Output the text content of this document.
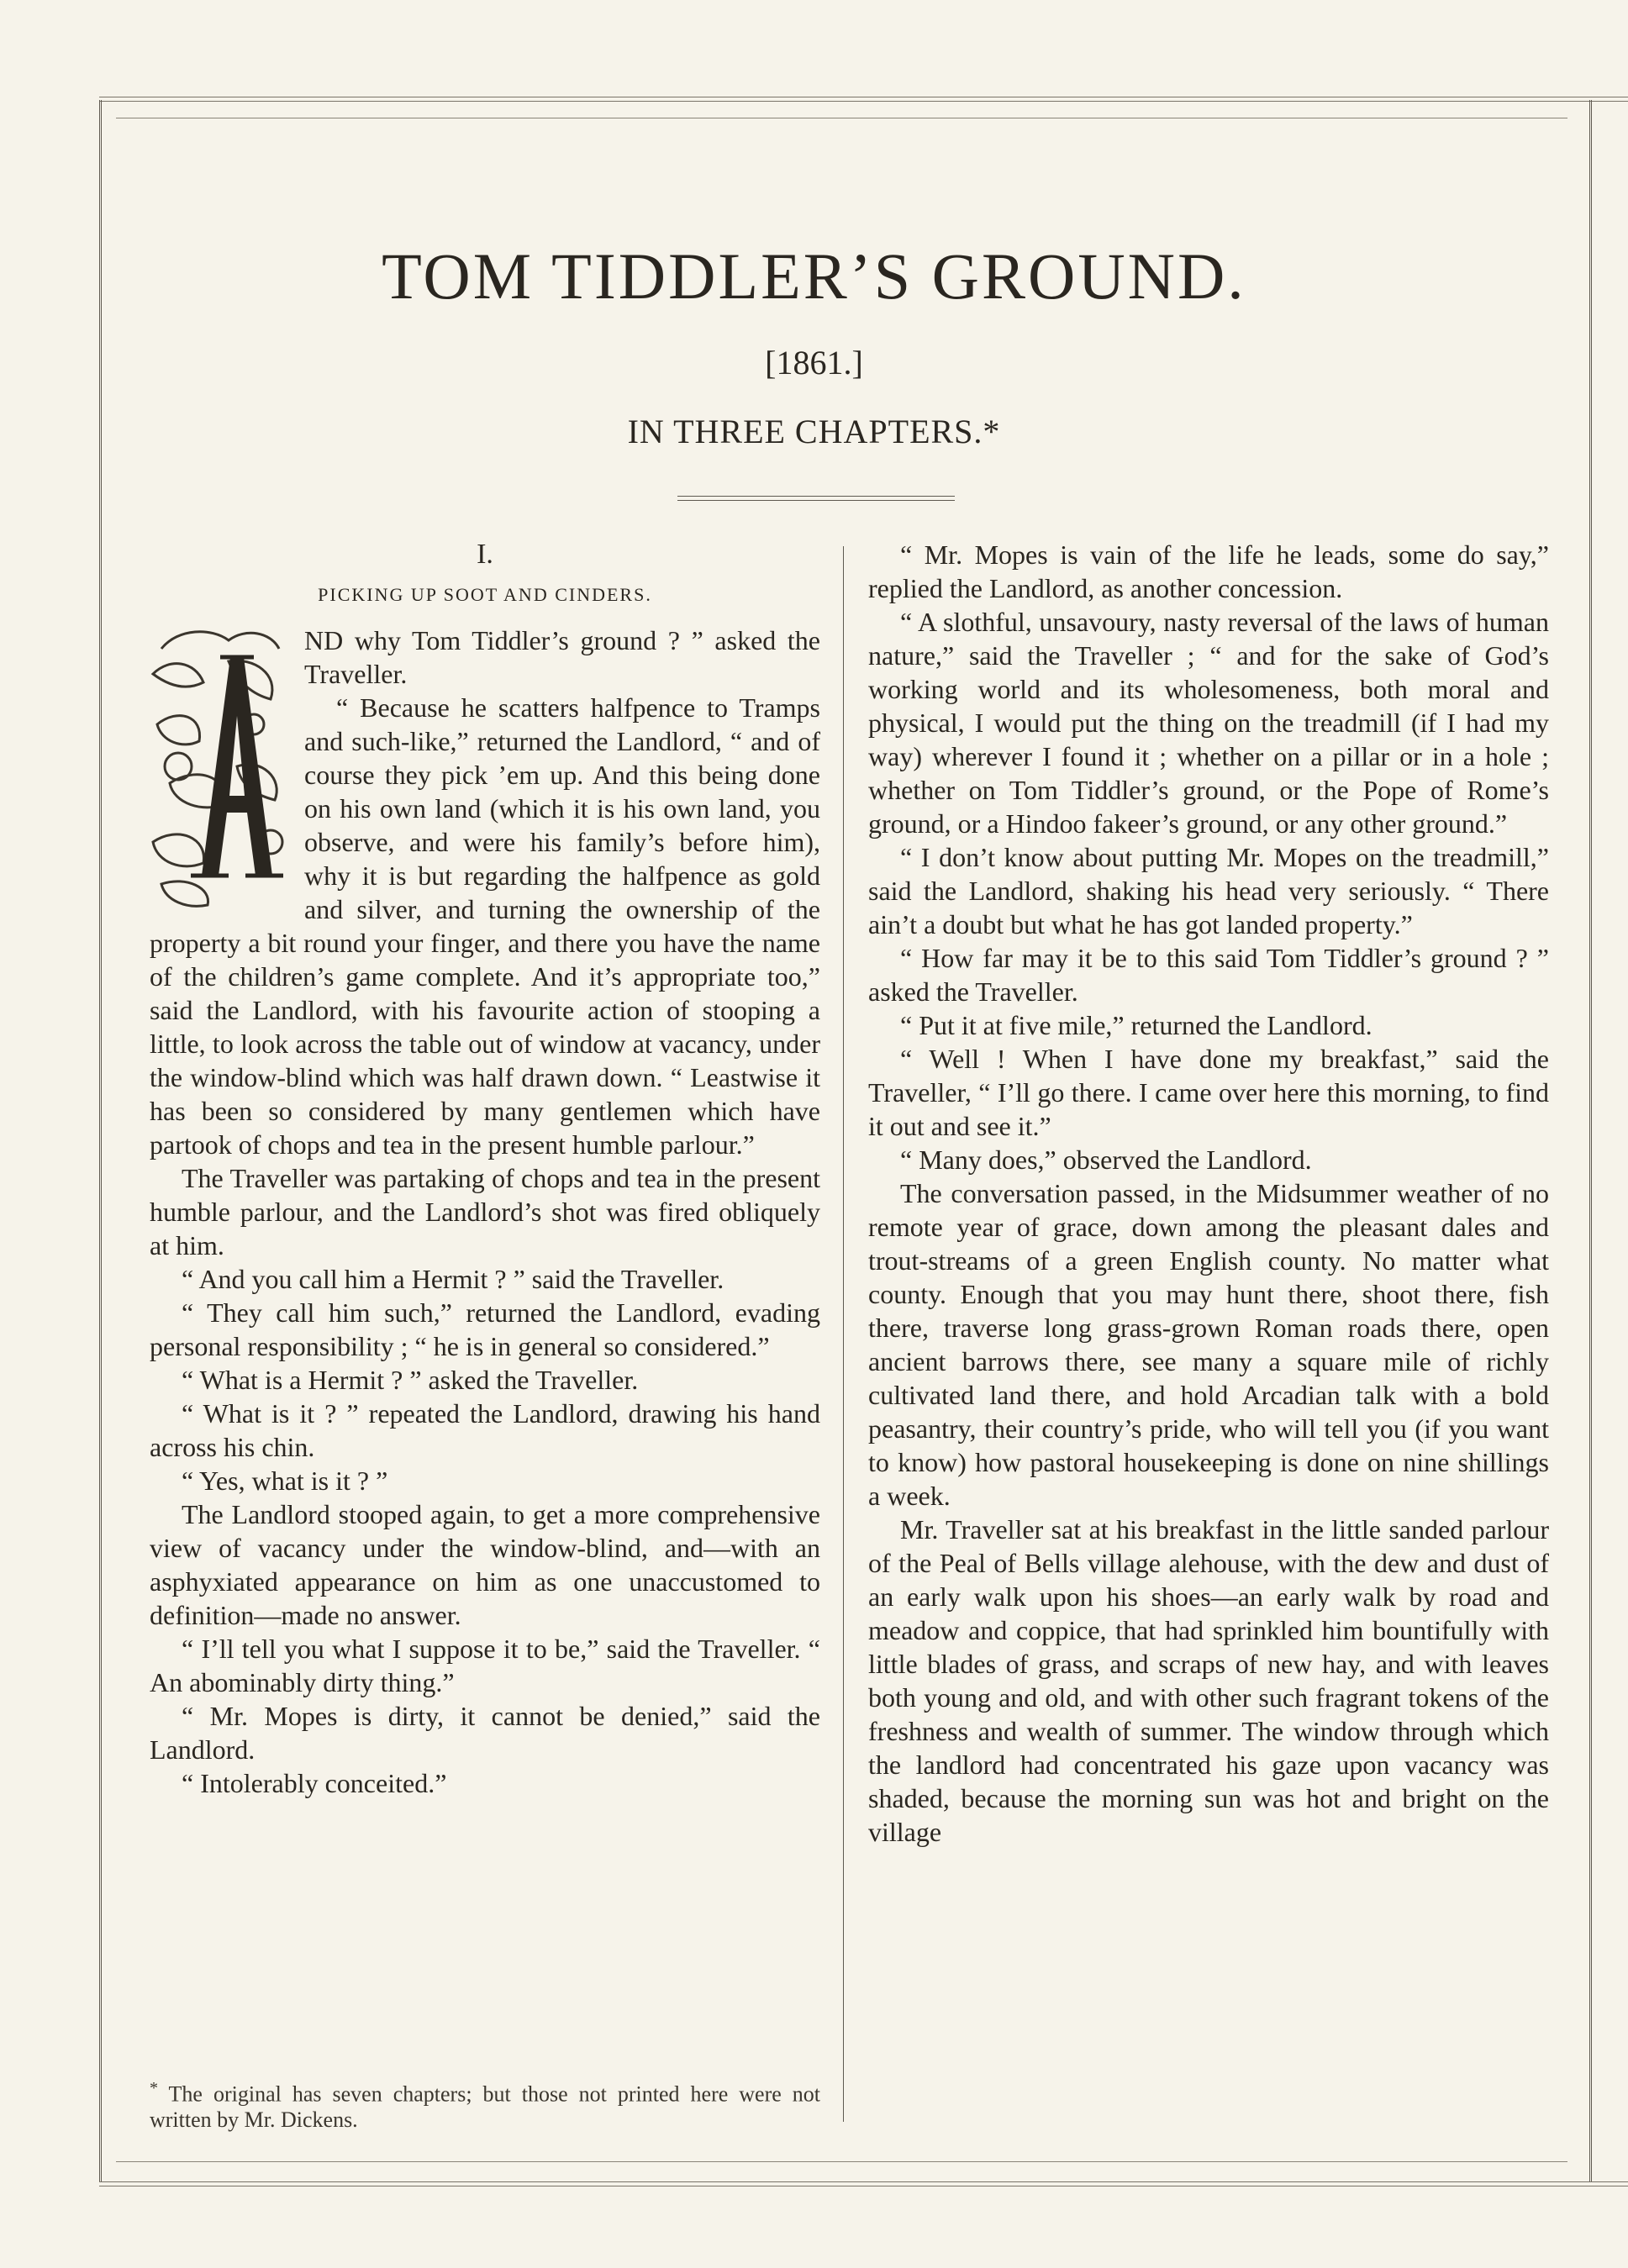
TOM TIDDLER’S GROUND.
[1861.]
IN THREE CHAPTERS.*
I.
PICKING UP SOOT AND CINDERS.

ND why Tom Tiddler’s ground ? ” asked the Traveller.

“ Because he scatters halfpence to Tramps and such-like,” returned the Landlord, “ and of course they pick ’em up. And this being done on his own land (which it is his own land, you observe, and were his family’s before him), why it is but regarding the halfpence as gold and silver, and turning the ownership of the property a bit round your finger, and there you have the name of the children’s game complete. And it’s appropriate too,” said the Landlord, with his favourite action of stooping a little, to look across the table out of window at vacancy, under the window-blind which was half drawn down. “ Leastwise it has been so considered by many gentlemen which have partook of chops and tea in the present humble parlour.”

The Traveller was partaking of chops and tea in the present humble parlour, and the Landlord’s shot was fired obliquely at him.

“ And you call him a Hermit ? ” said the Traveller.

“ They call him such,” returned the Landlord, evading personal responsibility ; “ he is in general so considered.”

“ What is a Hermit ? ” asked the Traveller.

“ What is it ? ” repeated the Landlord, drawing his hand across his chin.

“ Yes, what is it ? ”

The Landlord stooped again, to get a more comprehensive view of vacancy under the window-blind, and—with an asphyxiated appearance on him as one unaccustomed to definition—made no answer.

“ I’ll tell you what I suppose it to be,” said the Traveller. “ An abominably dirty thing.”

“ Mr. Mopes is dirty, it cannot be denied,” said the Landlord.

“ Intolerably conceited.”

* The original has seven chapters; but those not printed here were not written by Mr. Dickens.

“ Mr. Mopes is vain of the life he leads, some do say,” replied the Landlord, as another concession.

“ A slothful, unsavoury, nasty reversal of the laws of human nature,” said the Traveller ; “ and for the sake of God’s working world and its wholesomeness, both moral and physical, I would put the thing on the treadmill (if I had my way) wherever I found it ; whether on a pillar or in a hole ; whether on Tom Tiddler’s ground, or the Pope of Rome’s ground, or a Hindoo fakeer’s ground, or any other ground.”

“ I don’t know about putting Mr. Mopes on the treadmill,” said the Landlord, shaking his head very seriously. “ There ain’t a doubt but what he has got landed property.”

“ How far may it be to this said Tom Tiddler’s ground ? ” asked the Traveller.

“ Put it at five mile,” returned the Landlord.

“ Well ! When I have done my breakfast,” said the Traveller, “ I’ll go there. I came over here this morning, to find it out and see it.”

“ Many does,” observed the Landlord.

The conversation passed, in the Midsummer weather of no remote year of grace, down among the pleasant dales and trout-streams of a green English county. No matter what county. Enough that you may hunt there, shoot there, fish there, traverse long grass-grown Roman roads there, open ancient barrows there, see many a square mile of richly cultivated land there, and hold Arcadian talk with a bold peasantry, their country’s pride, who will tell you (if you want to know) how pastoral housekeeping is done on nine shillings a week.

Mr. Traveller sat at his breakfast in the little sanded parlour of the Peal of Bells village alehouse, with the dew and dust of an early walk upon his shoes—an early walk by road and meadow and coppice, that had sprinkled him bountifully with little blades of grass, and scraps of new hay, and with leaves both young and old, and with other such fragrant tokens of the freshness and wealth of summer. The window through which the landlord had concentrated his gaze upon vacancy was shaded, because the morning sun was hot and bright on the village
